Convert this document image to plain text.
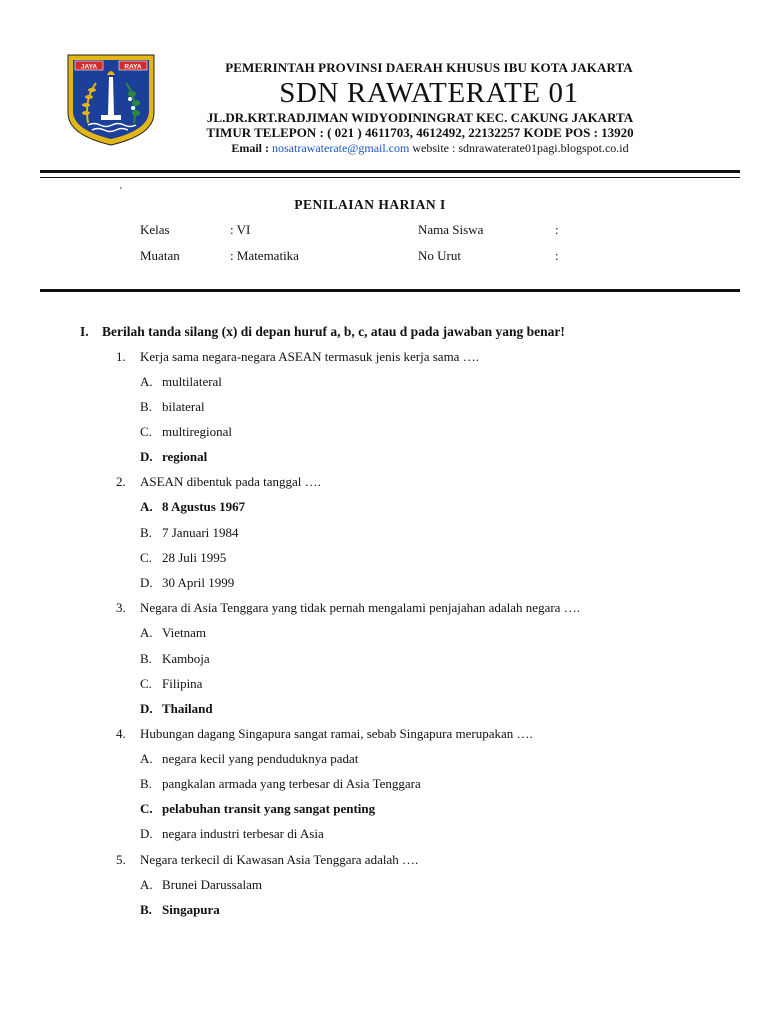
JAYA	RAYA	PEMERINTAH PROVINSI DAERAH KHUSUS IBU KOTA JAKARTA
SDN RAWATERATE 01
JL.DR.KRT.RADJIMAN WIDYODININGRAT KEC. CAKUNG JAKARTA
TIMUR TELEPON : ( 021 ) 4611703, 4612492, 22132257 KODE POS : 13920
Email : nosatrawaterate@gmail.com website : sdnrawaterate01pagi.blogspot.co.id
'
PENILAIAN HARIAN I
Kelas	: VI	Nama Siswa	:
Muatan	: Matematika	No Urut	:
I. Berilah tanda silang (x) di depan huruf a, b, c, atau d pada jawaban yang benar!
1. Kerja sama negara-negara ASEAN termasuk jenis kerja sama ….
A. multilateral
B. bilateral
C. multiregional
D. regional
2. ASEAN dibentuk pada tanggal ….
A. 8 Agustus 1967
B. 7 Januari 1984
C. 28 Juli 1995
D. 30 April 1999
3. Negara di Asia Tenggara yang tidak pernah mengalami penjajahan adalah negara ….
A. Vietnam
B. Kamboja
C. Filipina
D. Thailand
4. Hubungan dagang Singapura sangat ramai, sebab Singapura merupakan ….
A. negara kecil yang penduduknya padat
B. pangkalan armada yang terbesar di Asia Tenggara
C. pelabuhan transit yang sangat penting
D. negara industri terbesar di Asia
5. Negara terkecil di Kawasan Asia Tenggara adalah ….
A. Brunei Darussalam
B. Singapura
